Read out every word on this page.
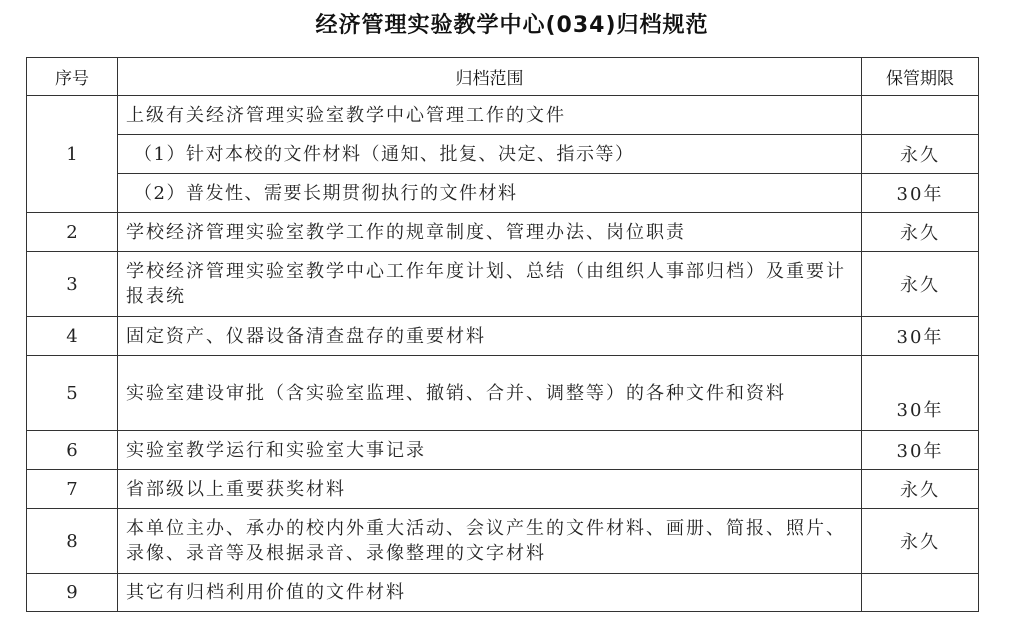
经济管理实验教学中心(034)归档规范
序号	归档范围	保管期限
1	上级有关经济管理实验室教学中心管理工作的文件	
	（1）针对本校的文件材料（通知、批复、决定、指示等）	永久
	（2）普发性、需要长期贯彻执行的文件材料	30年
2	学校经济管理实验室教学工作的规章制度、管理办法、岗位职责	永久
3	学校经济管理实验室教学中心工作年度计划、总结（由组织人事部归档）及重要计报表统	永久
4	固定资产、仪器设备清查盘存的重要材料	30年
5	实验室建设审批（含实验室监理、撤销、合并、调整等）的各种文件和资料	30年
6	实验室教学运行和实验室大事记录	30年
7	省部级以上重要获奖材料	永久
8	本单位主办、承办的校内外重大活动、会议产生的文件材料、画册、简报、照片、录像、录音等及根据录音、录像整理的文字材料	永久
9	其它有归档利用价值的文件材料	
